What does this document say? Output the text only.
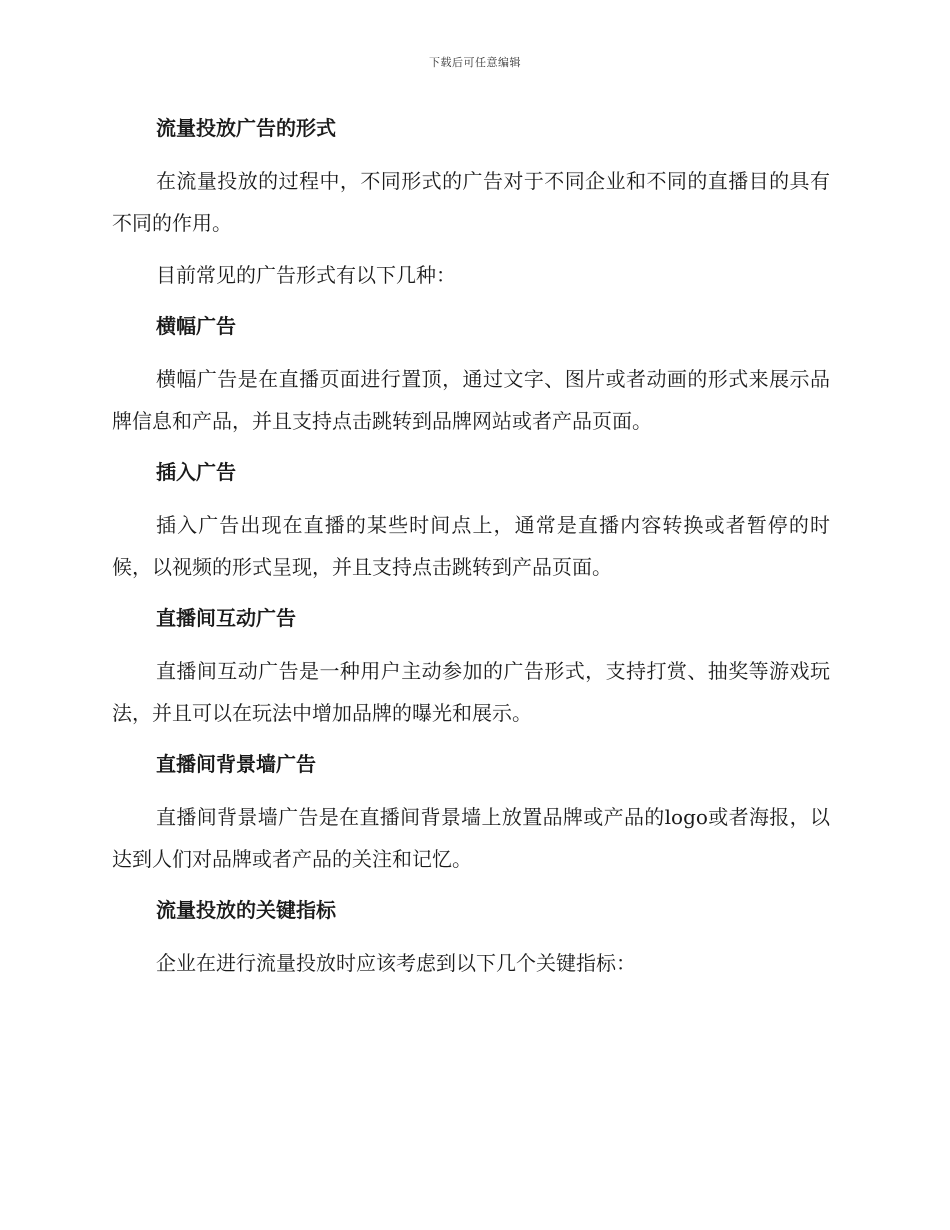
下载后可任意编辑
流量投放广告的形式

在流量投放的过程中，不同形式的广告对于不同企业和不同的直播目的具有不同的作用。

目前常见的广告形式有以下几种：

横幅广告

横幅广告是在直播页面进行置顶，通过文字、图片或者动画的形式来展示品牌信息和产品，并且支持点击跳转到品牌网站或者产品页面。

插入广告

插入广告出现在直播的某些时间点上，通常是直播内容转换或者暂停的时候，以视频的形式呈现，并且支持点击跳转到产品页面。

直播间互动广告

直播间互动广告是一种用户主动参加的广告形式，支持打赏、抽奖等游戏玩法，并且可以在玩法中增加品牌的曝光和展示。

直播间背景墙广告

直播间背景墙广告是在直播间背景墙上放置品牌或产品的logo或者海报，以达到人们对品牌或者产品的关注和记忆。

流量投放的关键指标

企业在进行流量投放时应该考虑到以下几个关键指标：
